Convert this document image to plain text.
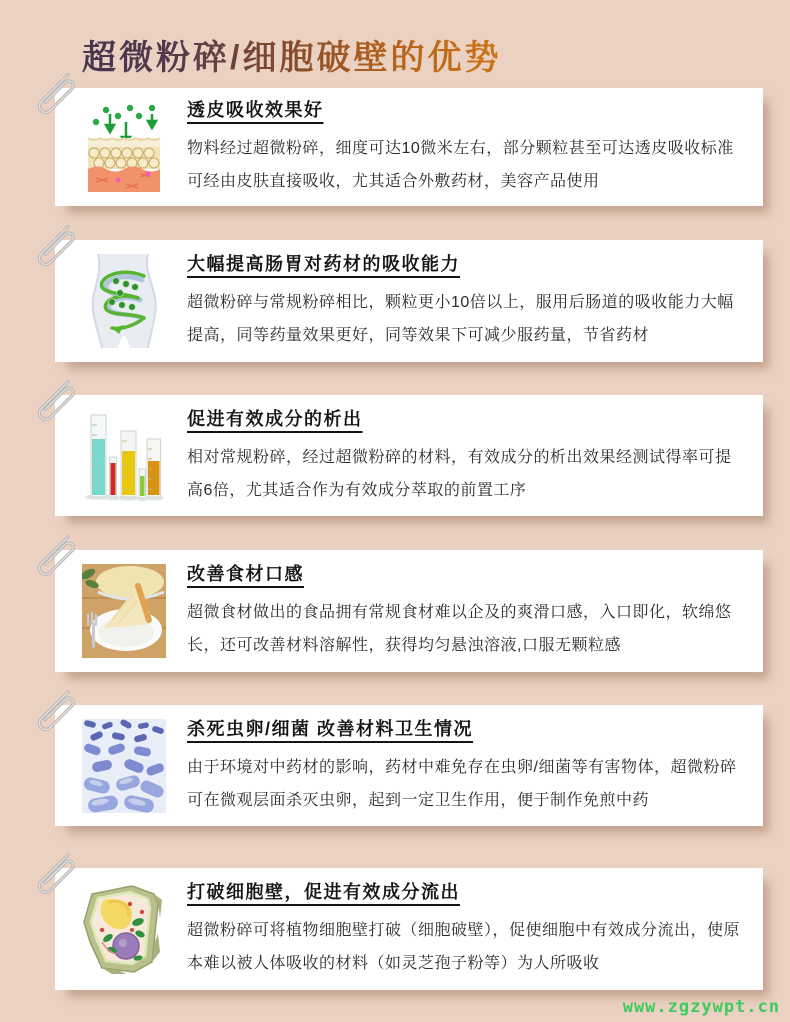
超微粉碎/细胞破壁的优势
透皮吸收效果好

物料经过超微粉碎，细度可达10微米左右，部分颗粒甚至可达透皮吸收标准可经由皮肤直接吸收，尤其适合外敷药材，美容产品使用

大幅提高肠胃对药材的吸收能力

超微粉碎与常规粉碎相比，颗粒更小10倍以上，服用后肠道的吸收能力大幅提高，同等药量效果更好，同等效果下可减少服药量，节省药材

促进有效成分的析出

相对常规粉碎，经过超微粉碎的材料，有效成分的析出效果经测试得率可提高6倍，尤其适合作为有效成分萃取的前置工序

改善食材口感

超微食材做出的食品拥有常规食材难以企及的爽滑口感，入口即化，软绵悠长，还可改善材料溶解性，获得均匀悬浊溶液,口服无颗粒感

杀死虫卵/细菌 改善材料卫生情况

由于环境对中药材的影响，药材中难免存在虫卵/细菌等有害物体，超微粉碎可在微观层面杀灭虫卵，起到一定卫生作用，便于制作免煎中药

打破细胞壁，促进有效成分流出

超微粉碎可将植物细胞壁打破（细胞破壁），促使细胞中有效成分流出，使原本难以被人体吸收的材料（如灵芝孢子粉等）为人所吸收

www.zgzywpt.cn
